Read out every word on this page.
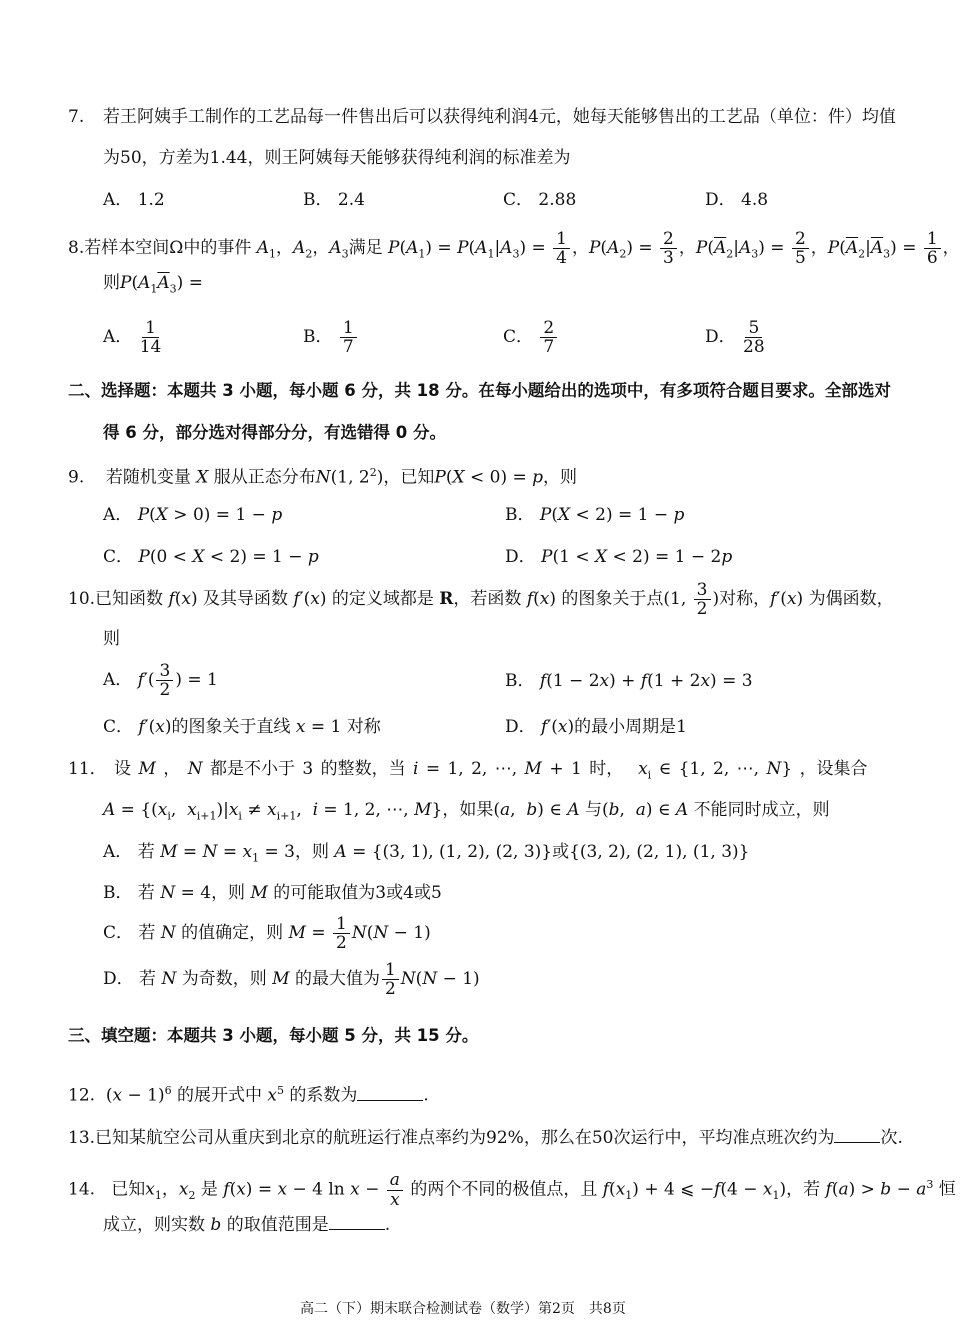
7. 若王阿姨手工制作的工艺品每一件售出后可以获得纯利润4元，她每天能够售出的工艺品（单位：件）均值
为50，方差为1.44，则王阿姨每天能够获得纯利润的标准差为
A． 1.2	B． 2.4	C． 2.88	D． 4.8
8.若样本空间Ω中的事件 $A_1$，$A_2$，$A_3$满足 $P(A_1) = P(A_1|A_3) = \frac{1}{4}$ ，$P(A_2) = \frac{2}{3}$ ，$P(\overline{A}_2|A_3) = \frac{2}{5}$ ，$P(\overline{A}_2|\overline{A}_3) = \frac{1}{6}$ ，
则$P(A_1\overline{A}_3)$ =
A． $\frac{1}{14}$	B． $\frac{1}{7}$	C． $\frac{2}{7}$	D． $\frac{5}{28}$
二、选择题：本题共 3 小题，每小题 6 分，共 18 分。在每小题给出的选项中，有多项符合题目要求。全部选对
得 6 分，部分选对得部分分，有选错得 0 分。
9. 若随机变量 X 服从正态分布N(1, $2^2$)，已知P(X < 0) = p，则
A． P(X > 0) = 1 − p	B． P(X < 2) = 1 − p
C． P(0 < X < 2) = 1 − p	D． P(1 < X < 2) = 1 − 2p
10.已知函数 f(x) 及其导函数 f′(x) 的定义域都是 R，若函数 f(x) 的图象关于点(1, $\frac{3}{2}$ )对称，f′(x) 为偶函数，
则
A． $f'( \frac{3}{2}$ ) = 1	B． f(1 − 2x) + f(1 + 2x) = 3
C． f′(x)的图象关于直线 x = 1 对称	D． f′(x)的最小周期是1
11． 设 M ， N 都是不小于 3 的整数，当 i = 1, 2, ⋯, M + 1 时， $x_i$ ∈ {1, 2, ⋯, N} ，设集合
$A = \{(x_i$,  $x_{i+1})|x_i \ne x_{i+1}$,  i = 1, 2, ⋯, M}，如果(a,  b) ∈ A 与(b,  a) ∈ A 不能同时成立，则
A． 若 $M = N = x_1 = 3$，则 A = {(3, 1), (1, 2), (2, 3)}或{(3, 2), (2, 1), (1, 3)}
B． 若 N = 4，则 M 的可能取值为3或4或5
C． 若 N 的值确定，则 $M = \frac{1}{2} N(N - 1)$
D． 若 N 为奇数，则 M 的最大值为 $\frac{1}{2} N(N - 1)$
三、填空题：本题共 3 小题，每小题 5 分，共 15 分。
12.  $(x - 1)^6$ 的展开式中 $x^5$ 的系数为	.
13.已知某航空公司从重庆到北京的航班运行准点率约为92%，那么在50次运行中，平均准点班次约为	次.
14. 已知$x_1$，$x_2$ 是 f(x) = x − 4 $\ln x - \frac{a}{x}$ 的两个不同的极值点，且 $f(x_1) + 4$ ⩽ $-f(4 - x_1)$，若 $f(a) > b - a^3$ 恒
成立，则实数 b 的取值范围是	.
高二（下）期末联合检测试卷（数学）第2页　共8页
